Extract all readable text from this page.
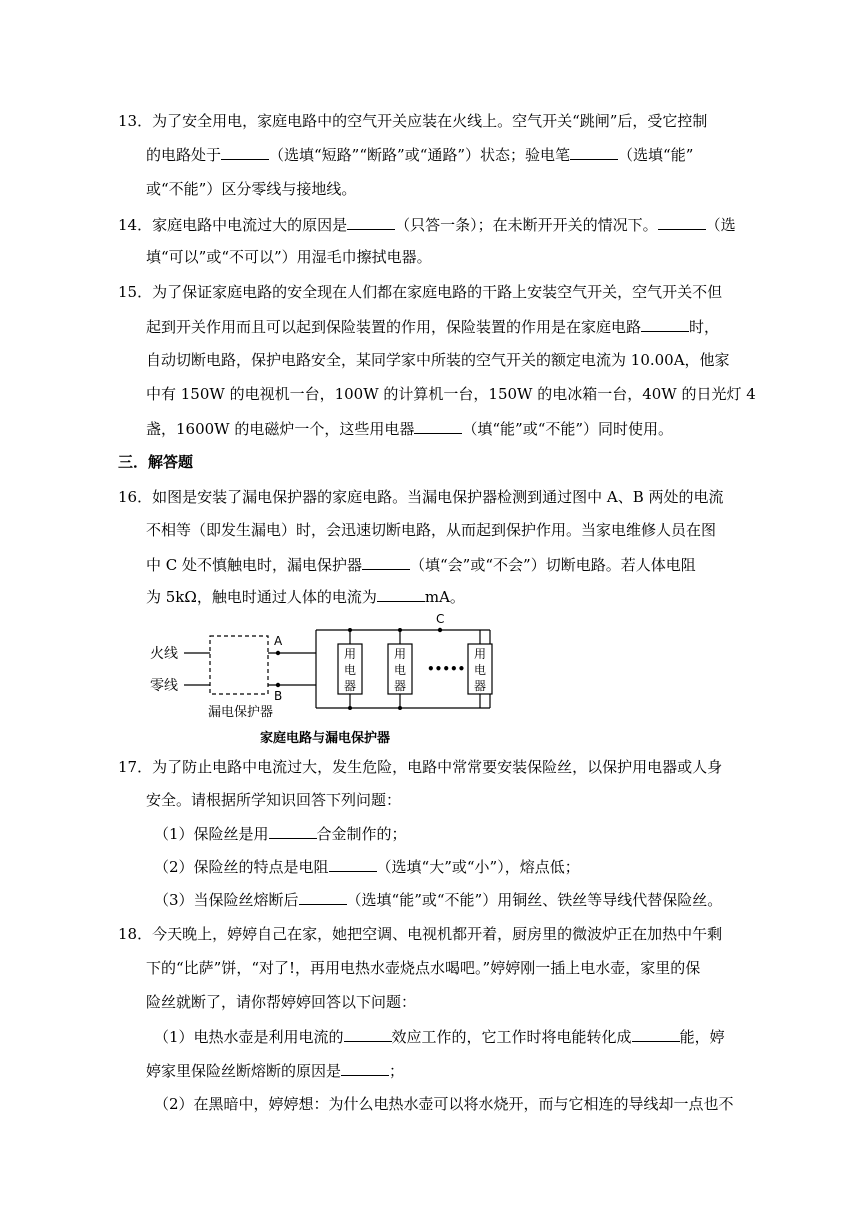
13．为了安全用电，家庭电路中的空气开关应装在火线上。空气开关“跳闸”后，受它控制
的电路处于	（选填“短路”“断路”或“通路”）状态；验电笔	（选填“能”
或“不能”）区分零线与接地线。
14．家庭电路中电流过大的原因是	（只答一条）；在未断开开关的情况下。	（选
填“可以”或“不可以”）用湿毛巾擦拭电器。
15．为了保证家庭电路的安全现在人们都在家庭电路的干路上安装空气开关，空气开关不但
起到开关作用而且可以起到保险装置的作用，保险装置的作用是在家庭电路	时，
自动切断电路，保护电路安全，某同学家中所装的空气开关的额定电流为 10.00A，他家
中有 150W 的电视机一台，100W 的计算机一台，150W 的电冰箱一台，40W 的日光灯 4
盏，1600W 的电磁炉一个，这些用电器	（填“能”或“不能”）同时使用。
三．解答题
16．如图是安装了漏电保护器的家庭电路。当漏电保护器检测到通过图中 A、B 两处的电流
不相等（即发生漏电）时，会迅速切断电路，从而起到保护作用。当家电维修人员在图
中 C 处不慎触电时，漏电保护器	（填“会”或“不会”）切断电路。若人体电阻
为 5kΩ，触电时通过人体的电流为	mA。
火线
零线
A
B
C
用
电
器
用
电
器
•••••
用
电
器
漏电保护器
家庭电路与漏电保护器
17．为了防止电路中电流过大，发生危险，电路中常常要安装保险丝，以保护用电器或人身
安全。请根据所学知识回答下列问题：
（1）保险丝是用	合金制作的；
（2）保险丝的特点是电阻	（选填“大”或“小”），熔点低；
（3）当保险丝熔断后	（选填“能”或“不能”）用铜丝、铁丝等导线代替保险丝。
18．今天晚上，婷婷自己在家，她把空调、电视机都开着，厨房里的微波炉正在加热中午剩
下的“比萨”饼，“对了!，再用电热水壶烧点水喝吧。”婷婷刚一插上电水壶，家里的保
险丝就断了，请你帮婷婷回答以下问题：
（1）电热水壶是利用电流的	效应工作的，它工作时将电能转化成	能，婷
婷家里保险丝断熔断的原因是	；
（2）在黑暗中，婷婷想：为什么电热水壶可以将水烧开，而与它相连的导线却一点也不
